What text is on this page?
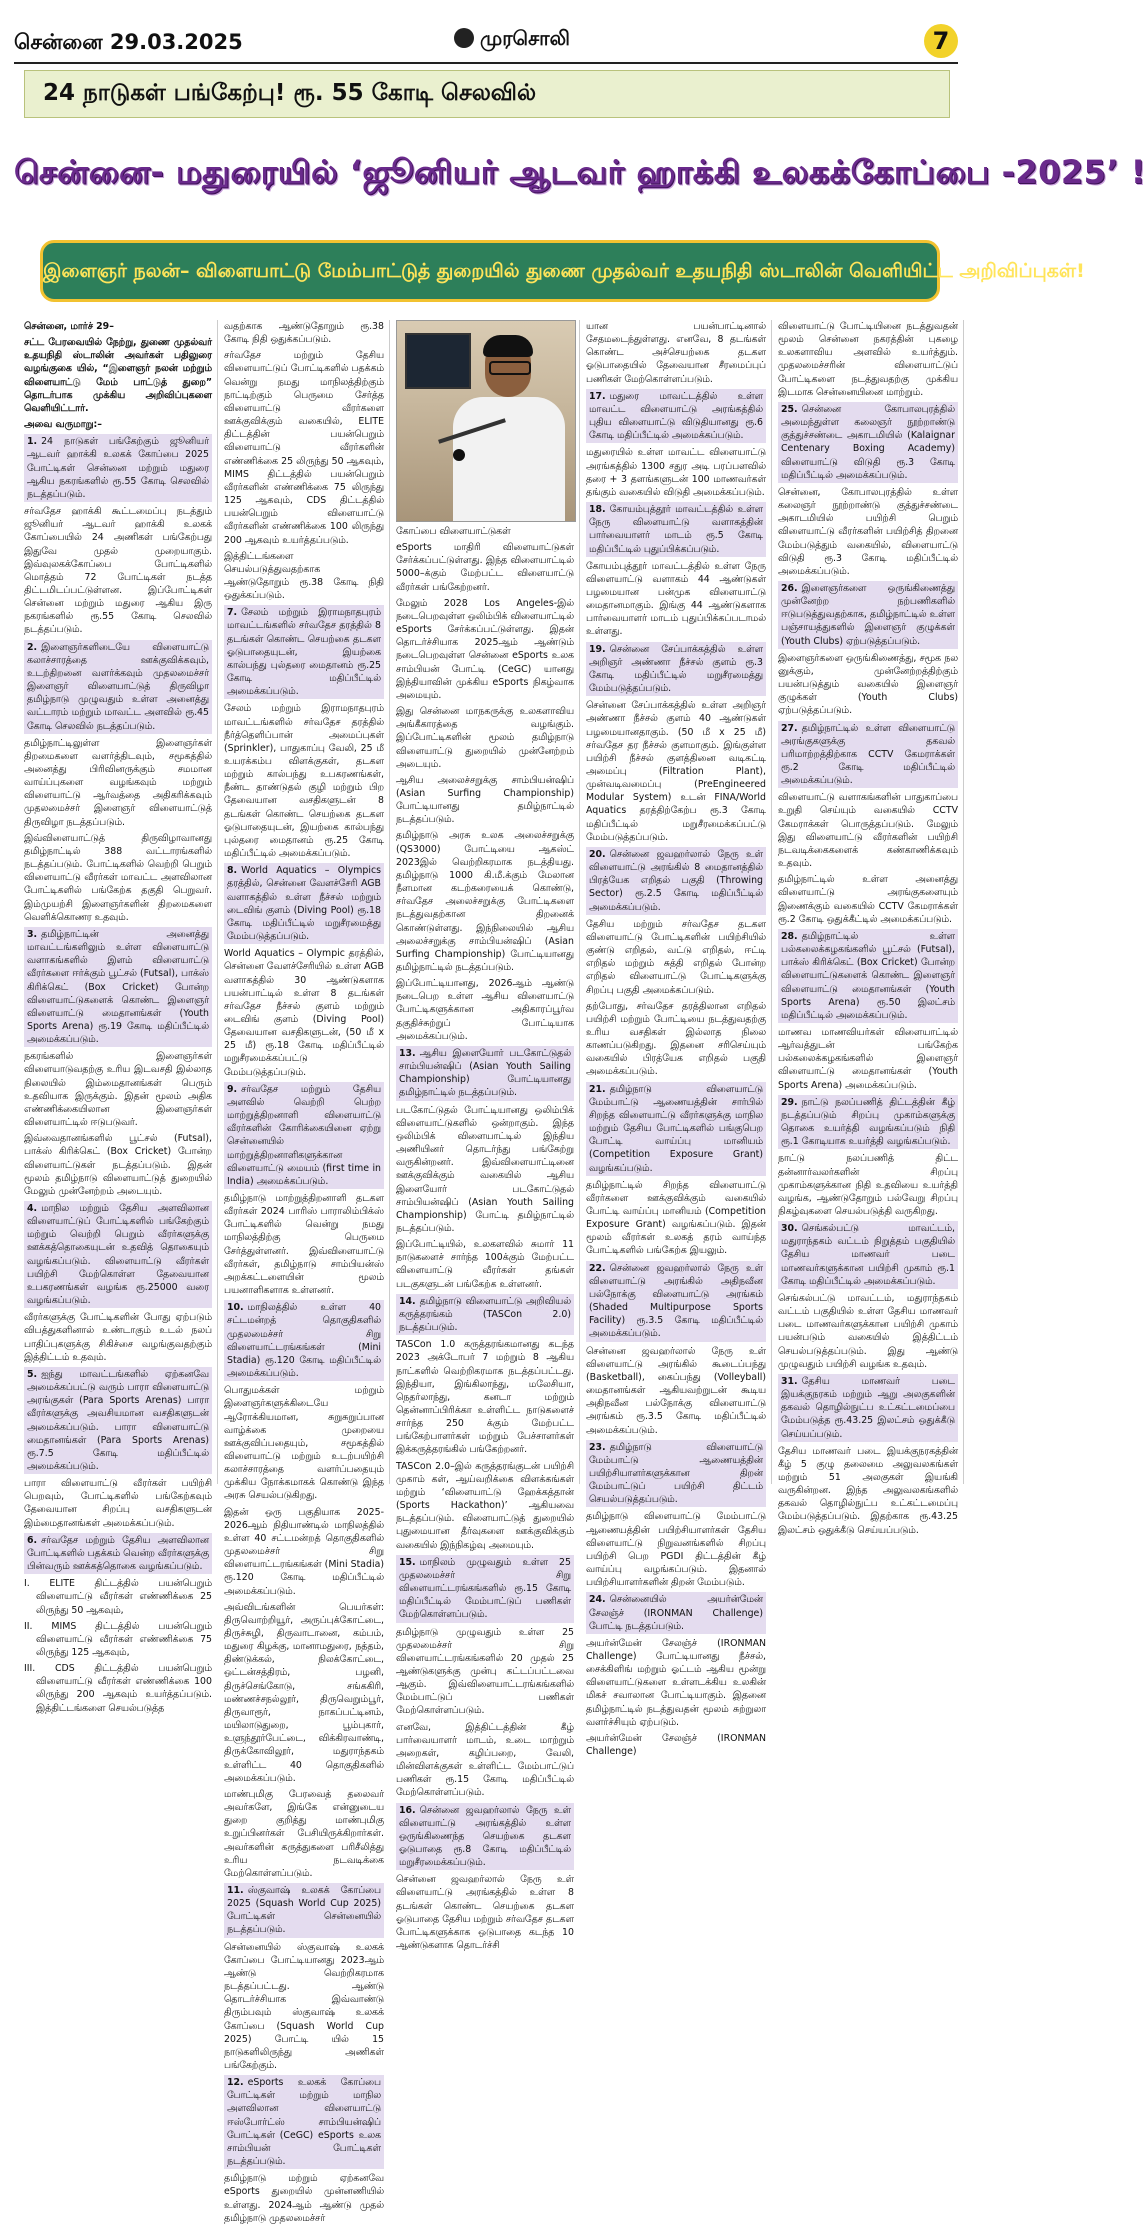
சென்னை 29.03.2025	முரசொலி	7
24 நாடுகள் பங்கேற்பு! ரூ. 55 கோடி செலவில்
சென்னை- மதுரையில் ‘ஜூனியர் ஆடவர் ஹாக்கி உலகக்கோப்பை -2025’ !
இளைஞர் நலன்– விளையாட்டு மேம்பாட்டுத் துறையில் துணை முதல்வர் உதயநிதி ஸ்டாலின் வெளியிட்ட அறிவிப்புகள்!

சென்னை, மார்ச் 29–

சட்ட பேரவையில் நேற்று, துணை முதல்வர் உதயநிதி ஸ்டாலின் அவர்கள் பதிலுரை வழங்குகை யில், “இளைஞர் நலன் மற்றும் விளையாட்டு மேம் பாட்டுத் துறை” தொடர்பாக முக்கிய அறிவிப்புகளை வெளியிட்டார்.

அவை வருமாறு:–

1. 24 நாடுகள் பங்கேற்கும் ஜூனியர் ஆடவர் ஹாக்கி உலகக் கோப்பை 2025 போட்டிகள் சென்னை மற்றும் மதுரை ஆகிய நகரங்களில் ரூ.55 கோடி செலவில் நடத்தப்படும்.

சர்வதேச ஹாக்கி கூட்டமைப்பு நடத்தும் ஜூனியர் ஆடவர் ஹாக்கி உலகக் கோப்பையில் 24 அணிகள் பங்கேற்பது இதுவே முதல் முறையாகும். இவ்வுலகக்கோப்பை போட்டிகளில் மொத்தம் 72 போட்டிகள் நடத்த திட்டமிடப்பட்டுள்ளன. இப்போட்டிகள் சென்னை மற்றும் மதுரை ஆகிய இரு நகரங்களில் ரூ.55 கோடி செலவில் நடத்தப்படும்.

2. இளைஞர்களிடையே விளையாட்டு கலாச்சாரத்தை ஊக்குவிக்கவும், உடற்திறனை வளர்க்கவும் முதலமைச்சர் இளைஞர் விளையாட்டுத் திருவிழா தமிழ்நாடு முழுவதும் உள்ள அனைத்து வட்டாரம் மற்றும் மாவட்ட அளவில் ரூ.45 கோடி செலவில் நடத்தப்படும்.

தமிழ்நாட்டிலுள்ள இளைஞர்கள் திறமைகளை வளர்த்திடவும், சமூகத்தில் அனைத்து பிரிவினருக்கும் சமமான வாய்ப்புகளை வழங்கவும் மற்றும் விளையாட்டு ஆர்வத்தை அதிகரிக்கவும் முதலமைச்சர் இளைஞர் விளையாட்டுத் திருவிழா நடத்தப்படும்.

இவ்விளையாட்டுத் திருவிழாவானது தமிழ்நாட்டில் 388 வட்டாரங்களில் நடத்தப்படும். போட்டிகளில் வெற்றி பெறும் விளையாட்டு வீரர்கள் மாவட்ட அளவிலான போட்டிகளில் பங்கேற்க தகுதி பெறுவர். இம்முயற்சி இளைஞர்களின் திறமைகளை வெளிக்கொணர உதவும்.

3. தமிழ்நாட்டின் அனைத்து மாவட்டங்களிலும் உள்ள விளையாட்டு வளாகங்களில் இளம் விளையாட்டு வீரர்களை ஈர்க்கும் பூட்சல் (Futsal), பாக்ஸ் கிரிக்கெட் (Box Cricket) போன்ற விளையாட்டுகளைக் கொண்ட இளைஞர் விளையாட்டு மைதானங்கள் (Youth Sports Arena) ரூ.19 கோடி மதிப்பீட்டில் அமைக்கப்படும்.

நகரங்களில் இளைஞர்கள் விளையாடுவதற்கு உரிய இடவசதி இல்லாத நிலையில் இம்மைதானங்கள் பெரும் உதவியாக இருக்கும். இதன் மூலம் அதிக எண்ணிக்கையிலான இளைஞர்கள் விளையாட்டில் ஈடுபடுவர்.

இவ்வைதானங்களில் பூட்சல் (Futsal), பாக்ஸ் கிரிக்கெட் (Box Cricket) போன்ற விளையாட்டுகள் நடத்தப்படும். இதன் மூலம் தமிழ்நாடு விளையாட்டுத் துறையில் மேலும் முன்னேற்றம் அடையும்.

4. மாநில மற்றும் தேசிய அளவிலான விளையாட்டுப் போட்டிகளில் பங்கேற்கும் மற்றும் வெற்றி பெறும் வீரர்களுக்கு ஊக்கத்தொகையுடன் உதவித் தொகையும் வழங்கப்படும். விளையாட்டு வீரர்கள் பயிற்சி மேற்கொள்ள தேவையான உபகரணங்கள் வழங்க ரூ.25000 வரை வழங்கப்படும்.

வீரர்களுக்கு போட்டிகளின் போது ஏற்படும் விபத்துகளினால் உண்டாகும் உடல் நலப் பாதிப்புகளுக்கு சிகிச்சை வழங்குவதற்கும் இத்திட்டம் உதவும்.

5. ஐந்து மாவட்டங்களில் ஏற்கனவே அமைக்கப்பட்டு வரும் பாரா விளையாட்டு அரங்குகள் (Para Sports Arenas) பாரா வீரர்களுக்கு அவசியமான வசதிகளுடன் அமைக்கப்படும். பாரா விளையாட்டு மைதானங்கள் (Para Sports Arenas) ரூ.7.5 கோடி மதிப்பீட்டில் அமைக்கப்படும்.

பாரா விளையாட்டு வீரர்கள் பயிற்சி பெறவும், போட்டிகளில் பங்கேற்கவும் தேவையான சிறப்பு வசதிகளுடன் இம்மைதானங்கள் அமைக்கப்படும்.

6. சர்வதேச மற்றும் தேசிய அளவிலான போட்டிகளில் பதக்கம் வென்ற வீரர்களுக்கு பின்வரும் ஊக்கத்தொகை வழங்கப்படும்.

I. ELITE திட்டத்தில் பயன்பெறும் விளையாட்டு வீரர்கள் எண்ணிக்கை 25 லிருந்து 50 ஆகவும்,

II. MIMS திட்டத்தில் பயன்பெறும் விளையாட்டு வீரர்கள் எண்ணிக்கை 75 லிருந்து 125 ஆகவும்,

III. CDS திட்டத்தில் பயன்பெறும் விளையாட்டு வீரர்கள் எண்ணிக்கை 100 லிருந்து 200 ஆகவும் உயர்த்தப்படும். இத்திட்டங்களை செயல்படுத்த

வதற்காக ஆண்டுதோறும் ரூ.38 கோடி நிதி ஒதுக்கப்படும்.

சர்வதேச மற்றும் தேசிய விளையாட்டுப் போட்டிகளில் பதக்கம் வென்று நமது மாநிலத்திற்கும் நாட்டிற்கும் பெருமை சேர்த்த விளையாட்டு வீரர்களை ஊக்குவிக்கும் வகையில், ELITE திட்டத்தின் பயன்பெறும் விளையாட்டு வீரர்களின் எண்ணிக்கை 25 லிருந்து 50 ஆகவும், MIMS திட்டத்தில் பயன்பெறும் வீரர்களின் எண்ணிக்கை 75 லிருந்து 125 ஆகவும், CDS திட்டத்தில் பயன்பெறும் விளையாட்டு வீரர்களின் எண்ணிக்கை 100 லிருந்து 200 ஆகவும் உயர்த்தப்படும்.

இத்திட்டங்களை செயல்படுத்துவதற்காக ஆண்டுதோறும் ரூ.38 கோடி நிதி ஒதுக்கப்படும்.

7. சேலம் மற்றும் இராமநாதபுரம் மாவட்டங்களில் சர்வதேச தரத்தில் 8 தடங்கள் கொண்ட செயற்கை தடகள ஓடுபாதையுடன், இயற்கை கால்பந்து புல்தரை மைதானம் ரூ.25 கோடி மதிப்பீட்டில் அமைக்கப்படும்.

சேலம் மற்றும் இராமநாதபுரம் மாவட்டங்களில் சர்வதேச தரத்தில் நீர்த்தெளிப்பான் அமைப்புகள் (Sprinkler), பாதுகாப்பு வேலி, 25 மீ உயரக்கம்ப விளக்குகள், தடகள மற்றும் கால்பந்து உபகரணங்கள், நீண்ட தாண்டுதல் குழி மற்றும் பிற தேவையான வசதிகளுடன் 8 தடங்கள் கொண்ட செயற்கை தடகள ஓடுபாதையுடன், இயற்கை கால்பந்து புல்தரை மைதானம் ரூ.25 கோடி மதிப்பீட்டில் அமைக்கப்படும்.

8. World Aquatics – Olympics தரத்தில், சென்னை வேளச்சேரி AGB வளாகத்தில் உள்ள நீச்சல் மற்றும் டைவிங் குளம் (Diving Pool) ரூ.18 கோடி மதிப்பீட்டில் மறுசீரமைத்து மேம்படுத்தப்படும்.

World Aquatics – Olympic தரத்தில், சென்னை வேளச்சேரியில் உள்ள AGB வளாகத்தில் 30 ஆண்டுகளாக பயன்பாட்டில் உள்ள 8 தடங்கள் சர்வதேச நீச்சல் குளம் மற்றும் டைவிங் குளம் (Diving Pool) தேவையான வசதிகளுடன், (50 மீ x 25 மீ) ரூ.18 கோடி மதிப்பீட்டில் மறுசீரமைக்கப்பட்டு மேம்படுத்தப்படும்.

9. சர்வதேச மற்றும் தேசிய அளவில் வெற்றி பெற்ற மாற்றுத்திறனாளி விளையாட்டு வீரர்களின் கோரிக்கையினை ஏற்று சென்னையில் மாற்றுத்திறனாளிகளுக்கான விளையாட்டு மையம் (first time in India) அமைக்கப்படும்.

தமிழ்நாடு மாற்றுத்திறனாளி தடகள வீரர்கள் 2024 பாரிஸ் பாராலிம்பிக்ஸ் போட்டிகளில் வென்று நமது மாநிலத்திற்கு பெருமை சேர்த்துள்ளனர். இவ்விளையாட்டு வீரர்கள், தமிழ்நாடு சாம்பியன்ஸ் அறக்கட்டளையின் மூலம் பயனாளிகளாக உள்ளனர்.

10. மாநிலத்தில் உள்ள 40 சட்டமன்றத் தொகுதிகளில் முதலமைச்சர் சிறு விளையாட்டரங்கங்கள் (Mini Stadia) ரூ.120 கோடி மதிப்பீட்டில் அமைக்கப்படும்.

பொதுமக்கள் மற்றும் இளைஞர்களுக்கிடையே ஆரோக்கியமான, சுறுசுறுப்பான வாழ்க்கை முறையை ஊக்குவிப்பதையும், சமூகத்தில் விளையாட்டு மற்றும் உடற்பயிற்சி கலாச்சாரத்தை வளர்ப்பதையும் முக்கிய நோக்கமாகக் கொண்டு இந்த அரசு செயல்படுகிறது.

இதன் ஒரு பகுதியாக 2025-2026ஆம் நிதியாண்டில் மாநிலத்தில் உள்ள 40 சட்டமன்றத் தொகுதிகளில் முதலமைச்சர் சிறு விளையாட்டரங்கங்கள் (Mini Stadia) ரூ.120 கோடி மதிப்பீட்டில் அமைக்கப்படும்.

அவ்விடங்களின் பெயர்கள்: திருவொற்றியூர், அருப்புக்கோட்டை, திருச்சுழி, திருவாடானை, கம்பம், மதுரை கிழக்கு, மானாமதுரை, நத்தம், திண்டுக்கல், நிலக்கோட்டை, ஒட்டன்சத்திரம், பழனி, திருச்செங்கோடு, சங்ககிரி, மண்ணச்சநல்லூர், திருவெறும்பூர், திருவாரூர், நாகப்பட்டினம், மயிலாடுதுறை, பூம்புகார், உளுந்தூர்பேட்டை, விக்கிரவாண்டி, திருக்கோவிலூர், மதுராந்தகம் உள்ளிட்ட 40 தொகுதிகளில் அமைக்கப்படும்.

மாண்புமிகு பேரவைத் தலைவர் அவர்களே, இங்கே என்னுடைய துறை குறித்து மாண்புமிகு உறுப்பினர்கள் பேசியிருக்கிறார்கள். அவர்களின் கருத்துகளை பரிசீலித்து உரிய நடவடிக்கை மேற்கொள்ளப்படும்.

11. ஸ்குவாஷ் உலகக் கோப்பை 2025 (Squash World Cup 2025) போட்டிகள் சென்னையில் நடத்தப்படும்.

சென்னையில் ஸ்குவாஷ் உலகக் கோப்பை போட்டியானது 2023ஆம் ஆண்டு வெற்றிகரமாக நடத்தப்பட்டது. ஆண்டு தொடர்ச்சியாக இவ்வாண்டு திரும்பவும் ஸ்குவாஷ் உலகக் கோப்பை (Squash World Cup 2025) போட்டி யில் 15 நாடுகளிலிருந்து அணிகள் பங்கேற்கும்.

12. eSports உலகக் கோப்பை போட்டிகள் மற்றும் மாநில அளவிலான விளையாட்டு ஈஸ்போர்ட்ஸ் சாம்பியன்ஷிப் போட்டிகள் (CeGC) eSports உலக சாம்பியன் போட்டிகள் நடத்தப்படும்.

தமிழ்நாடு மற்றும் ஏற்கனவே eSports துறையில் முன்னணியில் உள்ளது. 2024ஆம் ஆண்டு முதல் தமிழ்நாடு முதலமைச்சர்

கோப்பை விளையாட்டுகள்

eSports மாதிரி விளையாட்டுகள் சேர்க்கப்பட்டுள்ளது. இந்த விளையாட்டில் 5000–க்கும் மேற்பட்ட விளையாட்டு வீரர்கள் பங்கேற்றனர்.

மேலும் 2028 Los Angeles-இல் நடைபெறவுள்ள ஒலிம்பிக் விளையாட்டில் eSports சேர்க்கப்பட்டுள்ளது. இதன் தொடர்ச்சியாக 2025ஆம் ஆண்டும் நடைபெறவுள்ள சென்னை eSports உலக சாம்பியன் போட்டி (CeGC) யானது இந்தியாவின் முக்கிய eSports நிகழ்வாக அமையும்.

இது சென்னை மாநகருக்கு உலகளாவிய அங்கீகாரத்தை வழங்கும். இப்போட்டிகளின் மூலம் தமிழ்நாடு விளையாட்டு துறையில் முன்னேற்றம் அடையும்.

ஆசிய அலைச்சறுக்கு சாம்பியன்ஷிப் (Asian Surfing Championship) போட்டியானது தமிழ்நாட்டில் நடத்தப்படும்.

தமிழ்நாடு அரசு உலக அலைச்சறுக்கு (QS3000) போட்டியை ஆகஸ்ட் 2023இல் வெற்றிகரமாக நடத்தியது. தமிழ்நாடு 1000 கி.மீ.க்கும் மேலான நீளமான கடற்கரையைக் கொண்டு, சர்வதேச அலைச்சறுக்கு போட்டிகளை நடத்துவதற்கான திறனைக் கொண்டுள்ளது. இந்நிலையில் ஆசிய அலைச்சறுக்கு சாம்பியன்ஷிப் (Asian Surfing Championship) போட்டியானது தமிழ்நாட்டில் நடத்தப்படும்.

இப்போட்டியானது, 2026ஆம் ஆண்டு நடைபெற உள்ள ஆசிய விளையாட்டு போட்டிகளுக்கான அதிகாரப்பூர்வ தகுதிச்சுற்றுப் போட்டியாக அமைக்கப்படும்.

13. ஆசிய இளையோர் படகோட்டுதல் சாம்பியன்ஷிப் (Asian Youth Sailing Championship) போட்டியானது தமிழ்நாட்டில் நடத்தப்படும்.

படகோட்டுதல் போட்டியானது ஒலிம்பிக் விளையாட்டுகளில் ஒன்றாகும். இந்த ஒலிம்பிக் விளையாட்டில் இந்திய அணியினர் தொடர்ந்து பங்கேற்று வருகின்றனர். இவ்விளையாட்டினை ஊக்குவிக்கும் வகையில் ஆசிய இளையோர் படகோட்டுதல் சாம்பியன்ஷிப் (Asian Youth Sailing Championship) போட்டி தமிழ்நாட்டில் நடத்தப்படும்.

இப்போட்டியில், உலகளவில் சுமார் 11 நாடுகளைச் சார்ந்த 100க்கும் மேற்பட்ட விளையாட்டு வீரர்கள் தங்கள் படகுகளுடன் பங்கேற்க உள்ளனர்.

14. தமிழ்நாடு விளையாட்டு அறிவியல் கருத்தரங்கம் (TASCon 2.0) நடத்தப்படும்.

TASCon 1.0 கருத்தரங்கமானது கடந்த 2023 அக்டோபர் 7 மற்றும் 8 ஆகிய நாட்களில் வெற்றிகரமாக நடத்தப்பட்டது. இந்தியா, இங்கிலாந்து, மலேசியா, நெதர்லாந்து, கனடா மற்றும் தென்னாப்பிரிக்கா உள்ளிட்ட நாடுகளைச் சார்ந்த 250 க்கும் மேற்பட்ட பங்கேற்பாளர்கள் மற்றும் பேச்சாளர்கள் இக்கருத்தரங்கில் பங்கேற்றனர்.

TASCon 2.0–இல் கருத்தரங்குடன் பயிற்சி முகாம் கள், ஆய்வறிக்கை விளக்கங்கள் மற்றும் ‘விளையாட்டு ஹேக்கத்தான் (Sports Hackathon)’ ஆகியவை நடத்தப்படும். விளையாட்டுத் துறையில் புதுமையான தீர்வுகளை ஊக்குவிக்கும் வகையில் இந்நிகழ்வு அமையும்.

15. மாநிலம் முழுவதும் உள்ள 25 முதலமைச்சர் சிறு விளையாட்டரங்கங்களில் ரூ.15 கோடி மதிப்பீட்டில் மேம்பாட்டுப் பணிகள் மேற்கொள்ளப்படும்.

தமிழ்நாடு முழுவதும் உள்ள 25 முதலமைச்சர் சிறு விளையாட்டரங்கங்களில் 20 முதல் 25 ஆண்டுகளுக்கு முன்பு கட்டப்பட்டவை ஆகும். இவ்விளையாட்டரங்கங்களில் மேம்பாட்டுப் பணிகள் மேற்கொள்ளப்படும்.

எனவே, இத்திட்டத்தின் கீழ் பார்வையாளர் மாடம், உடை மாற்றும் அறைகள், கழிப்பறை, வேலி, மின்விளக்குகள் உள்ளிட்ட மேம்பாட்டுப் பணிகள் ரூ.15 கோடி மதிப்பீட்டில் மேற்கொள்ளப்படும்.

16. சென்னை ஜவஹர்லால் நேரு உள் விளையாட்டு அரங்கத்தில் உள்ள ஒருங்கிணைந்த செயற்கை தடகள ஓடுபாதை ரூ.8 கோடி மதிப்பீட்டில் மறுசீரமைக்கப்படும்.

சென்னை ஜவஹர்லால் நேரு உள் விளையாட்டு அரங்கத்தில் உள்ள 8 தடங்கள் கொண்ட செயற்கை தடகள ஓடுபாதை தேசிய மற்றும் சர்வதேச தடகள போட்டிகளுக்காக ஒடுபாதை கடந்த 10 ஆண்டுகளாக தொடர்ச்சி

யான பயன்பாட்டினால் சேதமடைந்துள்ளது. எனவே, 8 தடங்கள் கொண்ட அச்செயற்கை தடகள ஓடுபாதையில் தேவையான சீரமைப்புப் பணிகள் மேற்கொள்ளப்படும்.

17. மதுரை மாவட்டத்தில் உள்ள மாவட்ட விளையாட்டு அரங்கத்தில் புதிய விளையாட்டு விடுதியானது ரூ.6 கோடி மதிப்பீட்டில் அமைக்கப்படும்.

மதுரையில் உள்ள மாவட்ட விளையாட்டு அரங்கத்தில் 1300 சதுர அடி பரப்பளவில் தரை + 3 தளங்களுடன் 100 மாணவர்கள் தங்கும் வகையில் விடுதி அமைக்கப்படும்.

18. கோயம்புத்தூர் மாவட்டத்தில் உள்ள நேரு விளையாட்டு வளாகத்தின் பார்வையாளர் மாடம் ரூ.5 கோடி மதிப்பீட்டில் புதுப்பிக்கப்படும்.

கோயம்புத்தூர் மாவட்டத்தில் உள்ள நேரு விளையாட்டு வளாகம் 44 ஆண்டுகள் பழமையான பன்முக விளையாட்டு மைதானமாகும். இங்கு 44 ஆண்டுகளாக பார்வையாளர் மாடம் புதுப்பிக்கப்படாமல் உள்ளது.

19. சென்னை சேப்பாக்கத்தில் உள்ள அறிஞர் அண்ணா நீச்சல் குளம் ரூ.3 கோடி மதிப்பீட்டில் மறுசீரமைத்து மேம்படுத்தப்படும்.

சென்னை சேப்பாக்கத்தில் உள்ள அறிஞர் அண்ணா நீச்சல் குளம் 40 ஆண்டுகள் பழமையானதாகும். (50 மீ x 25 மீ) சர்வதேச தர நீச்சல் குளமாகும். இங்குள்ள பயிற்சி நீச்சல் குளத்தினை வடிகட்டி அமைப்பு (Filtration Plant), முன்வடிவமைப்பு (PreEngineered Modular System) உடன் FINA/World Aquatics தரத்திற்கேற்ப ரூ.3 கோடி மதிப்பீட்டில் மறுசீரமைக்கப்பட்டு மேம்படுத்தப்படும்.

20. சென்னை ஜவஹர்லால் நேரு உள் விளையாட்டு அரங்கில் 8 மைதானத்தில் பிரத்யேக எறிதல் பகுதி (Throwing Sector) ரூ.2.5 கோடி மதிப்பீட்டில் அமைக்கப்படும்.

தேசிய மற்றும் சர்வதேச தடகள விளையாட்டு போட்டிகளின் பயிற்சியில் குண்டு எறிதல், வட்டு எறிதல், ஈட்டி எறிதல் மற்றும் சுத்தி எறிதல் போன்ற எறிதல் விளையாட்டு போட்டிகளுக்கு சிறப்பு பகுதி அமைக்கப்படும்.

தற்போது, சர்வதேச தரத்திலான எறிதல் பயிற்சி மற்றும் போட்டியை நடத்துவதற்கு உரிய வசதிகள் இல்லாத நிலை காணப்படுகிறது. இதனை சரிசெய்யும் வகையில் பிரத்யேக எறிதல் பகுதி அமைக்கப்படும்.

21. தமிழ்நாடு விளையாட்டு மேம்பாட்டு ஆணையத்தின் சார்பில் சிறந்த விளையாட்டு வீரர்களுக்கு மாநில மற்றும் தேசிய போட்டிகளில் பங்குபெற போட்டி வாய்ப்பு மானியம் (Competition Exposure Grant) வழங்கப்படும்.

தமிழ்நாட்டில் சிறந்த விளையாட்டு வீரர்களை ஊக்குவிக்கும் வகையில் போட்டி வாய்ப்பு மானியம் (Competition Exposure Grant) வழங்கப்படும். இதன் மூலம் வீரர்கள் உலகத் தரம் வாய்ந்த போட்டிகளில் பங்கேற்க இயலும்.

22. சென்னை ஜவஹர்லால் நேரு உள் விளையாட்டு அரங்கில் அதிநவீன பல்நோக்கு விளையாட்டு அரங்கம் (Shaded Multipurpose Sports Facility) ரூ.3.5 கோடி மதிப்பீட்டில் அமைக்கப்படும்.

சென்னை ஜவஹர்லால் நேரு உள் விளையாட்டு அரங்கில் கூடைப்பந்து (Basketball), கைப்பந்து (Volleyball) மைதானங்கள் ஆகியவற்றுடன் கூடிய அதிநவீன பல்நோக்கு விளையாட்டு அரங்கம் ரூ.3.5 கோடி மதிப்பீட்டில் அமைக்கப்படும்.

23. தமிழ்நாடு விளையாட்டு மேம்பாட்டு ஆணையத்தின் பயிற்சியாளர்களுக்கான திறன் மேம்பாட்டுப் பயிற்சி திட்டம் செயல்படுத்தப்படும்.

தமிழ்நாடு விளையாட்டு மேம்பாட்டு ஆணையத்தின் பயிற்சியாளர்கள் தேசிய விளையாட்டு நிறுவனங்களில் சிறப்பு பயிற்சி பெற PGDI திட்டத்தின் கீழ் வாய்ப்பு வழங்கப்படும். இதனால் பயிற்சியாளர்களின் திறன் மேம்படும்.

24. சென்னையில் அயர்ன்மேன் சேலஞ்ச் (IRONMAN Challenge) போட்டி நடத்தப்படும்.

அயர்ன்மேன் சேலஞ்ச் (IRONMAN Challenge) போட்டியானது நீச்சல், சைக்கிளிங் மற்றும் ஓட்டம் ஆகிய மூன்று விளையாட்டுகளை உள்ளடக்கிய உலகின் மிகச் சவாலான போட்டியாகும். இதனை தமிழ்நாட்டில் நடத்துவதன் மூலம் சுற்றுலா வளர்ச்சியும் ஏற்படும்.

அயர்ன்மேன் சேலஞ்ச் (IRONMAN Challenge)

விளையாட்டு போட்டியினை நடத்துவதன் மூலம் சென்னை நகரத்தின் புகழை உலகளாவிய அளவில் உயர்த்தும். முதலமைச்சரின் விளையாட்டுப் போட்டிகளை நடத்துவதற்கு முக்கிய இடமாக சென்னையினை மாற்றும்.

25. சென்னை கோபாலபுரத்தில் அமைந்துள்ள கலைஞர் நூற்றாண்டு குத்துச்சண்டை அகாடமியில் (Kalaignar Centenary Boxing Academy) விளையாட்டு விடுதி ரூ.3 கோடி மதிப்பீட்டில் அமைக்கப்படும்.

சென்னை, கோபாலபுரத்தில் உள்ள கலைஞர் நூற்றாண்டு குத்துச்சண்டை அகாடமியில் பயிற்சி பெறும் விளையாட்டு வீரர்களின் பயிற்சித் திறனை மேம்படுத்தும் வகையில், விளையாட்டு விடுதி ரூ.3 கோடி மதிப்பீட்டில் அமைக்கப்படும்.

26. இளைஞர்களை ஒருங்கிணைத்து முன்னேற்ற நற்பணிகளில் ஈடுபடுத்துவதற்காக, தமிழ்நாட்டில் உள்ள பஞ்சாயத்துகளில் இளைஞர் குழுக்கள் (Youth Clubs) ஏற்படுத்தப்படும்.

இளைஞர்களை ஒருங்கிணைத்து, சமூக நல னுக்கும், முன்னேற்றத்திற்கும் பயன்படுத்தும் வகையில் இளைஞர் குழுக்கள் (Youth Clubs) ஏற்படுத்தப்படும்.

27. தமிழ்நாட்டில் உள்ள விளையாட்டு அரங்குகளுக்கு தகவல் பரிமாற்றத்திற்காக CCTV கேமராக்கள் ரூ.2 கோடி மதிப்பீட்டில் அமைக்கப்படும்.

விளையாட்டு வளாகங்களின் பாதுகாப்பை உறுதி செய்யும் வகையில் CCTV கேமராக்கள் பொருத்தப்படும். மேலும் இது விளையாட்டு வீரர்களின் பயிற்சி நடவடிக்கைகளைக் கண்காணிக்கவும் உதவும்.

தமிழ்நாட்டில் உள்ள அனைத்து விளையாட்டு அரங்குகளையும் இணைக்கும் வகையில் CCTV கேமராக்கள் ரூ.2 கோடி ஒதுக்கீட்டில் அமைக்கப்படும்.

28. தமிழ்நாட்டில் உள்ள பல்கலைக்கழகங்களில் பூட்சல் (Futsal), பாக்ஸ் கிரிக்கெட் (Box Cricket) போன்ற விளையாட்டுகளைக் கொண்ட இளைஞர் விளையாட்டு மைதானங்கள் (Youth Sports Arena) ரூ.50 இலட்சம் மதிப்பீட்டில் அமைக்கப்படும்.

மாணவ மாணவியர்கள் விளையாட்டில் ஆர்வத்துடன் பங்கேற்க பல்கலைக்கழகங்களில் இளைஞர் விளையாட்டு மைதானங்கள் (Youth Sports Arena) அமைக்கப்படும்.

29. நாட்டு நலப்பணித் திட்டத்தின் கீழ் நடத்தப்படும் சிறப்பு முகாம்களுக்கு தொகை உயர்த்தி வழங்கப்படும் நிதி ரூ.1 கோடியாக உயர்த்தி வழங்கப்படும்.

நாட்டு நலப்பணித் திட்ட தன்னார்வலர்களின் சிறப்பு முகாம்களுக்கான நிதி உதவியை உயர்த்தி வழங்க, ஆண்டுதோறும் பல்வேறு சிறப்பு நிகழ்வுகளை செயல்படுத்தி வருகிறது.

30. செங்கல்பட்டு மாவட்டம், மதுராந்தகம் வட்டம் நிறுத்தம் பகுதியில் தேசிய மாணவர் படை மாணவர்களுக்கான பயிற்சி முகாம் ரூ.1 கோடி மதிப்பீட்டில் அமைக்கப்படும்.

செங்கல்பட்டு மாவட்டம், மதுராந்தகம் வட்டம் பகுதியில் உள்ள தேசிய மாணவர் படை மாணவர்களுக்கான பயிற்சி முகாம் பயன்படும் வகையில் இத்திட்டம் செயல்படுத்தப்படும். இது ஆண்டு முழுவதும் பயிற்சி வழங்க உதவும்.

31. தேசிய மாணவர் படை இயக்குநரகம் மற்றும் ஆறு அலகுகளின் தகவல் தொழில்நுட்ப உட்கட்டமைப்பை மேம்படுத்த ரூ.43.25 இலட்சம் ஒதுக்கீடு செய்யப்படும்.

தேசிய மாணவர் படை இயக்குநரகத்தின் கீழ் 5 குழு தலைமை அலுவலகங்கள் மற்றும் 51 அலகுகள் இயங்கி வருகின்றன. இந்த அலுவலகங்களில் தகவல் தொழில்நுட்ப உட்கட்டமைப்பு மேம்படுத்தப்படும். இதற்காக ரூ.43.25 இலட்சம் ஒதுக்கீடு செய்யப்படும்.
